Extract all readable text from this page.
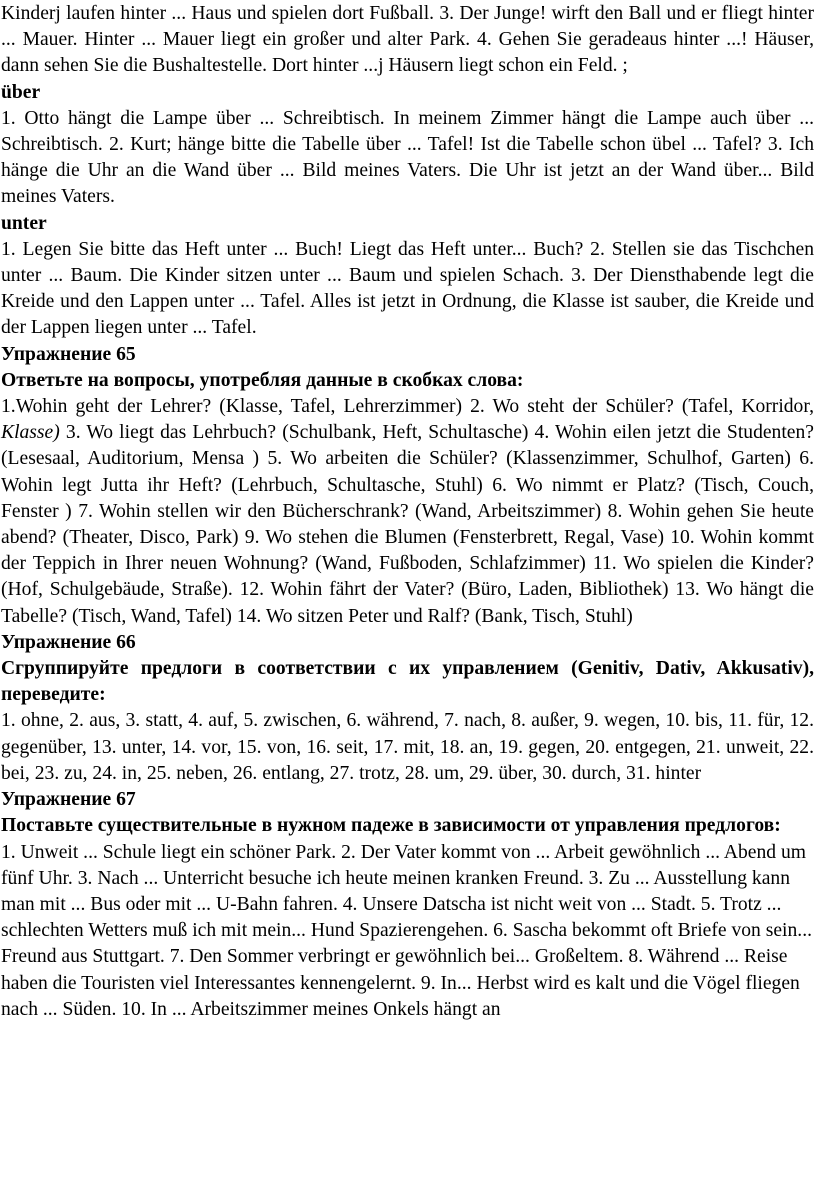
Kinderj laufen hinter ... Haus und spielen dort Fußball. 3. Der Junge! wirft den Ball und er fliegt hinter ... Mauer. Hinter ... Mauer liegt ein großer und alter Park. 4. Gehen Sie geradeaus hinter ...! Häuser, dann sehen Sie die Bushaltestelle. Dort hinter ...j Häusern liegt schon ein Feld. ;

über

1. Otto hängt die Lampe über ... Schreibtisch. In meinem Zimmer hängt die Lampe auch über ... Schreibtisch. 2. Kurt; hänge bitte die Tabelle über ... Tafel! Ist die Tabelle schon übel ... Tafel? 3. Ich hänge die Uhr an die Wand über ... Bild meines Vaters. Die Uhr ist jetzt an der Wand über... Bild meines Vaters.

unter

1. Legen Sie bitte das Heft unter ... Buch! Liegt das Heft unter... Buch? 2. Stellen sie das Tischchen unter ... Baum. Die Kinder sitzen unter ... Baum und spielen Schach. 3. Der Diensthabende legt die Kreide und den Lappen unter ... Tafel. Alles ist jetzt in Ordnung, die Klasse ist sauber, die Kreide und der Lappen liegen unter ... Tafel.

Упражнение 65

Ответьте на вопросы, употребляя данные в скобках слова:

1.Wohin geht der Lehrer? (Klasse, Tafel, Lehrerzimmer) 2. Wo steht der Schüler? (Tafel, Korridor, Klasse) 3. Wo liegt das Lehrbuch? (Schulbank, Heft, Schultasche) 4. Wohin eilen jetzt die Studenten? (Lesesaal, Auditorium, Mensa ) 5. Wo arbeiten die Schüler? (Klassenzimmer, Schulhof, Garten) 6. Wohin legt Jutta ihr Heft? (Lehrbuch, Schultasche, Stuhl) 6. Wo nimmt er Platz? (Tisch, Couch, Fenster ) 7. Wohin stellen wir den Bücherschrank? (Wand, Arbeitszimmer) 8. Wohin gehen Sie heute abend? (Theater, Disco, Park) 9. Wo stehen die Blumen (Fensterbrett, Regal, Vase) 10. Wohin kommt der Teppich in Ihrer neuen Wohnung? (Wand, Fußboden, Schlafzimmer) 11. Wo spielen die Kinder? (Hof, Schulgebäude, Straße). 12. Wohin fährt der Vater? (Büro, Laden, Bibliothek) 13. Wo hängt die Tabelle? (Tisch, Wand, Tafel) 14. Wo sitzen Peter und Ralf? (Bank, Tisch, Stuhl)

Упражнение 66

Сгруппируйте предлоги в соответствии с их управлением (Genitiv, Dativ, Akkusativ), переведите:

1. ohne, 2. aus, 3. statt, 4. auf, 5. zwischen, 6. während, 7. nach, 8. außer, 9. wegen, 10. bis, 11. für, 12. gegenüber, 13. unter, 14. vor, 15. von, 16. seit, 17. mit, 18. an, 19. gegen, 20. entgegen, 21. unweit, 22. bei, 23. zu, 24. in, 25. neben, 26. entlang, 27. trotz, 28. um, 29. über, 30. durch, 31. hinter

Упражнение 67

Поставьте существительные в нужном падеже в зависимости от управления предлогов:

1. Unweit ... Schule liegt ein schöner Park. 2. Der Vater kommt von ... Arbeit gewöhnlich ... Abend um fünf Uhr. 3. Nach ... Unterricht besuche ich heute meinen kranken Freund. 3. Zu ... Ausstellung kann man mit ... Bus oder mit ... U-Bahn fahren. 4. Unsere Datscha ist nicht weit von ... Stadt. 5. Trotz ... schlechten Wetters muß ich mit mein... Hund Spazierengehen. 6. Sascha bekommt oft Briefe von sein... Freund aus Stuttgart. 7. Den Sommer verbringt er gewöhnlich bei... Großeltem. 8. Während ... Reise haben die Touristen viel Interessantes kennengelernt. 9. In... Herbst wird es kalt und die Vögel fliegen nach ... Süden. 10. In ... Arbeitszimmer meines Onkels hängt an
